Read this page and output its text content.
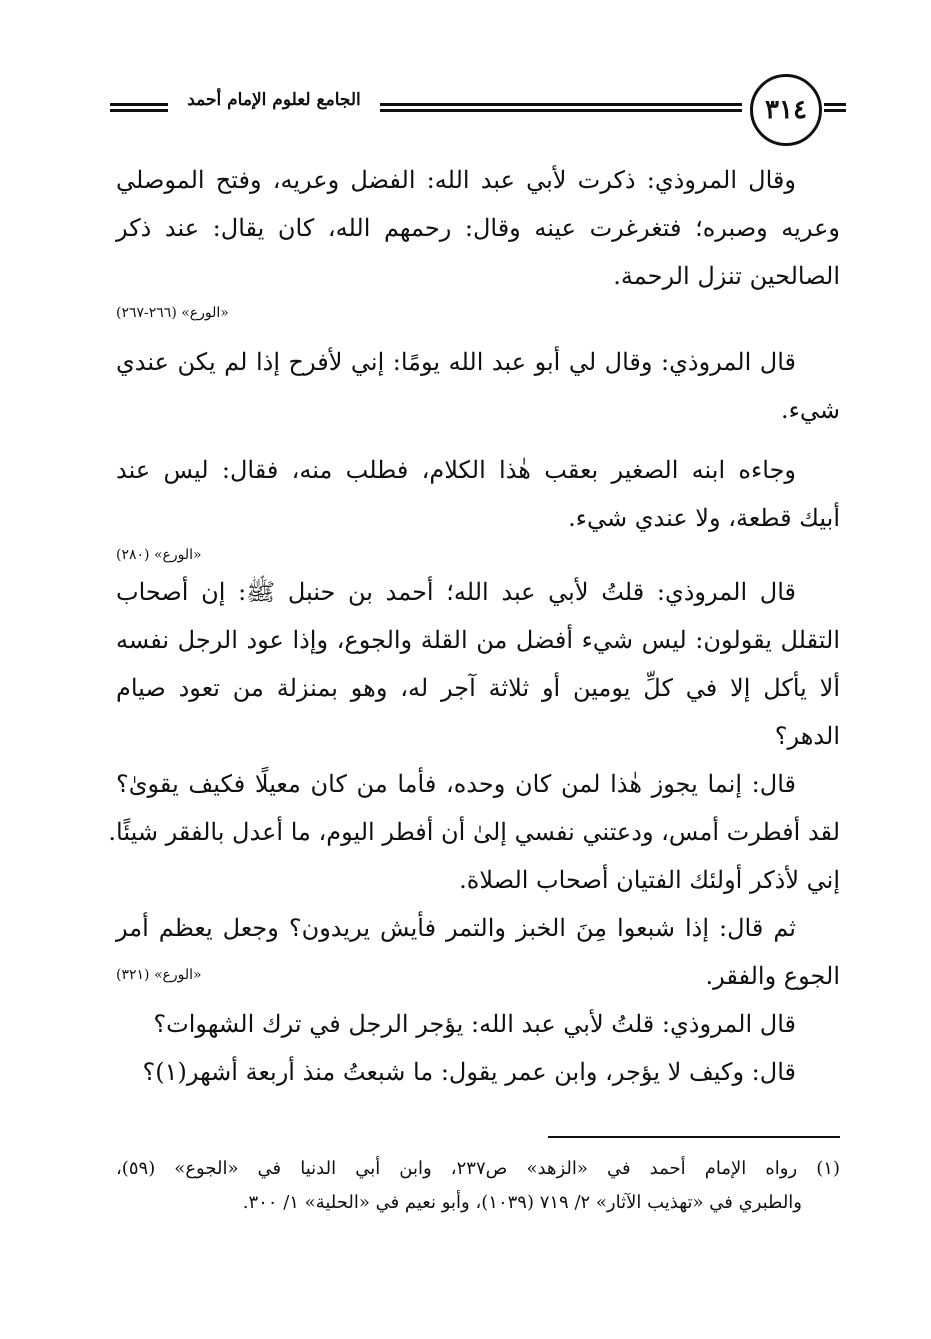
الجامع لعلوم الإمام أحمد	٣١٤
وقال المروذي: ذكرت لأبي عبد الله: الفضل وعريه، وفتح الموصلي
وعريه وصبره؛ فتغرغرت عينه وقال: رحمهم الله، كان يقال: عند ذكر
الصالحين تنزل الرحمة.
«الورع» (٢٦٦-٢٦٧)
قال المروذي: وقال لي أبو عبد الله يومًا: إني لأفرح إذا لم يكن عندي
شيء.
وجاءه ابنه الصغير بعقب هٰذا الكلام، فطلب منه، فقال: ليس عند
أبيك قطعة، ولا عندي شيء.
«الورع» (٢٨٠)
قال المروذي: قلتُ لأبي عبد الله؛ أحمد بن حنبل ﷺ: إن أصحاب
التقلل يقولون: ليس شيء أفضل من القلة والجوع، وإذا عود الرجل نفسه
ألا يأكل إلا في كلِّ يومين أو ثلاثة آجر له، وهو بمنزلة من تعود صيام
الدهر؟
قال: إنما يجوز هٰذا لمن كان وحده، فأما من كان معيلًا فكيف يقوىٰ؟
لقد أفطرت أمس، ودعتني نفسي إلىٰ أن أفطر اليوم، ما أعدل بالفقر شيئًا.
إني لأذكر أولئك الفتيان أصحاب الصلاة.
ثم قال: إذا شبعوا مِنَ الخبز والتمر فأيش يريدون؟ وجعل يعظم أمر
الجوع والفقر.
«الورع» (٣٢١)
قال المروذي: قلتُ لأبي عبد الله: يؤجر الرجل في ترك الشهوات؟
قال: وكيف لا يؤجر، وابن عمر يقول: ما شبعتُ منذ أربعة أشهر(١)؟
(١) رواه الإمام أحمد في «الزهد» ص٢٣٧، وابن أبي الدنيا في «الجوع» (٥٩)،
والطبري في «تهذيب الآثار» ٢/ ٧١٩ (١٠٣٩)، وأبو نعيم في «الحلية» ١/ ٣٠٠.
